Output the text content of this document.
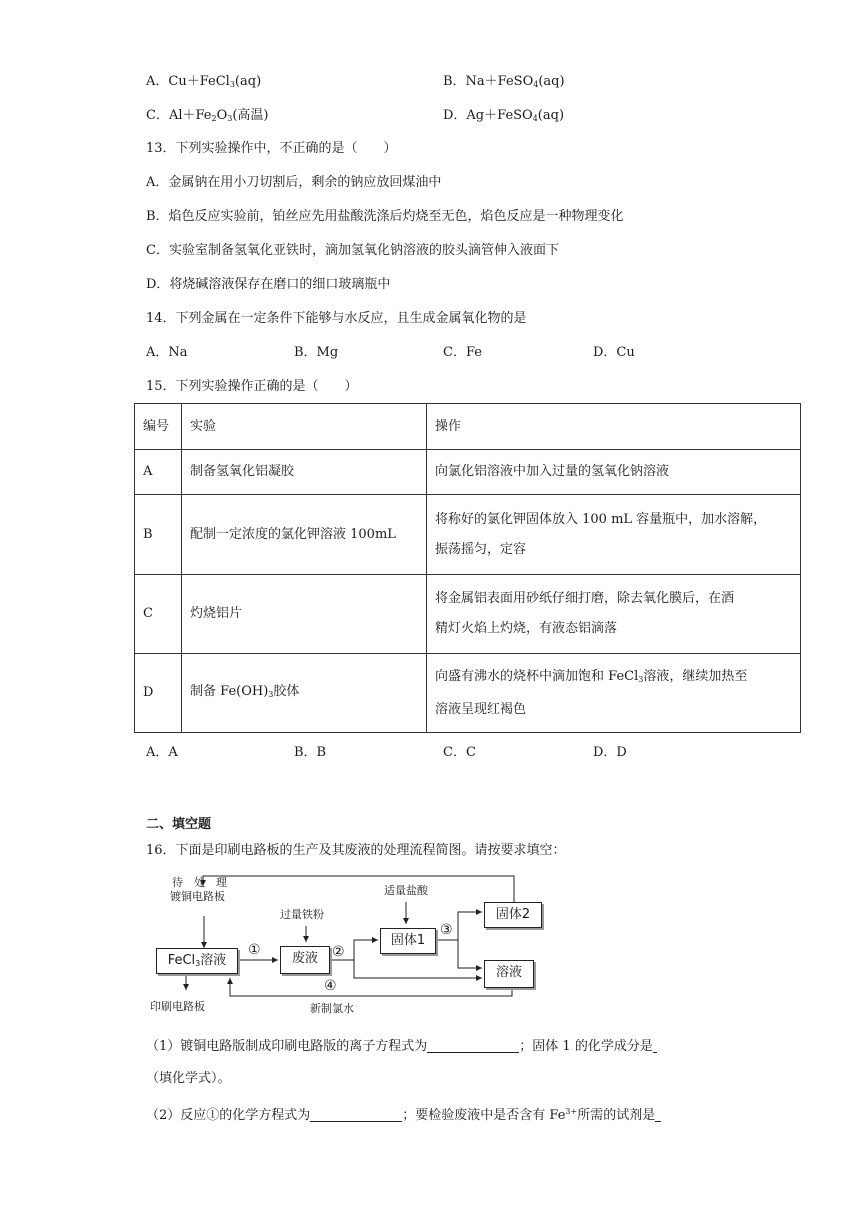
A．Cu＋FeCl$_3$(aq)	B．Na＋FeSO$_4$(aq)
C．$Al+Fe_2O_3$(高温)	D．Ag＋FeSO$_4$(aq)
13．下列实验操作中，不正确的是（　　）
A．金属钠在用小刀切割后，剩余的钠应放回煤油中
B．焰色反应实验前，铂丝应先用盐酸洗涤后灼烧至无色，焰色反应是一种物理变化
C．实验室制备氢氧化亚铁时，滴加氢氧化钠溶液的胶头滴管伸入液面下
D．将烧碱溶液保存在磨口的细口玻璃瓶中
14．下列金属在一定条件下能够与水反应，且生成金属氧化物的是
A．Na	B．Mg	C．Fe	D．Cu
15．下列实验操作正确的是（　　）
编号	实验	操作
A	制备氢氧化铝凝胶	向氯化铝溶液中加入过量的氢氧化钠溶液
B	配制一定浓度的氯化钾溶液 100mL	将称好的氯化钾固体放入 100 mL 容量瓶中，加水溶解，
振荡摇匀，定容

C	灼烧铝片	将金属铝表面用砂纸仔细打磨，除去氧化膜后，在酒
精灯火焰上灼烧，有液态铝滴落

D	制备 $Fe(OH)_3$胶体	向盛有沸水的烧杯中滴加饱和 FeCl$_3$溶液，继续加热至
溶液呈现红褐色
A．A	B．B	C．C	D．D
二、填空题
16．下面是印刷电路板的生产及其废液的处理流程简图。请按要求填空：
待　处　理
镀铜电路板
过量铁粉
适量盐酸
FeCl$_3$溶液	废液
固体1
固体2
溶液
①	②
③
④
印刷电路板	新制氯水
（1）镀铜电路版制成印刷电路版的离子方程式为	；固体 1 的化学成分是
（填化学式）。
（2）反应①的化学方程式为	；要检验废液中是否含有 $Fe^{3+}$所需的试剂是
